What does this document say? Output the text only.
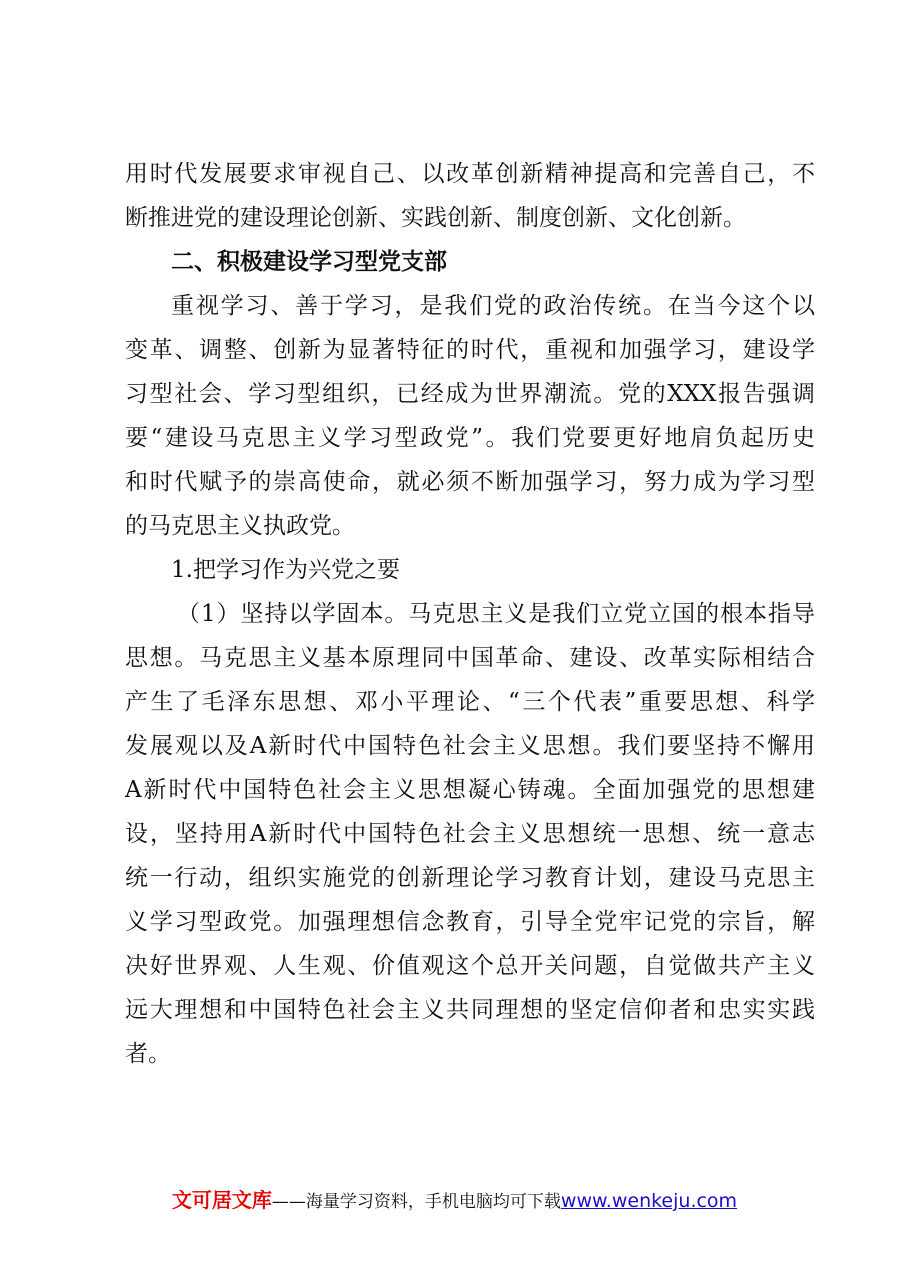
用时代发展要求审视自己、以改革创新精神提高和完善自己，不
断推进党的建设理论创新、实践创新、制度创新、文化创新。
二、积极建设学习型党支部
重视学习、善于学习，是我们党的政治传统。在当今这个以
变革、调整、创新为显著特征的时代，重视和加强学习，建设学
习型社会、学习型组织，已经成为世界潮流。党的XXX报告强调
要“建设马克思主义学习型政党”。我们党要更好地肩负起历史
和时代赋予的崇高使命，就必须不断加强学习，努力成为学习型
的马克思主义执政党。
1.把学习作为兴党之要
（1）坚持以学固本。马克思主义是我们立党立国的根本指导
思想。马克思主义基本原理同中国革命、建设、改革实际相结合
产生了毛泽东思想、邓小平理论、“三个代表”重要思想、科学
发展观以及A新时代中国特色社会主义思想。我们要坚持不懈用
A新时代中国特色社会主义思想凝心铸魂。全面加强党的思想建
设，坚持用A新时代中国特色社会主义思想统一思想、统一意志
统一行动，组织实施党的创新理论学习教育计划，建设马克思主
义学习型政党。加强理想信念教育，引导全党牢记党的宗旨，解
决好世界观、人生观、价值观这个总开关问题，自觉做共产主义
远大理想和中国特色社会主义共同理想的坚定信仰者和忠实实践
者。
文可居文库——海量学习资料，手机电脑均可下载www.wenkeju.com
